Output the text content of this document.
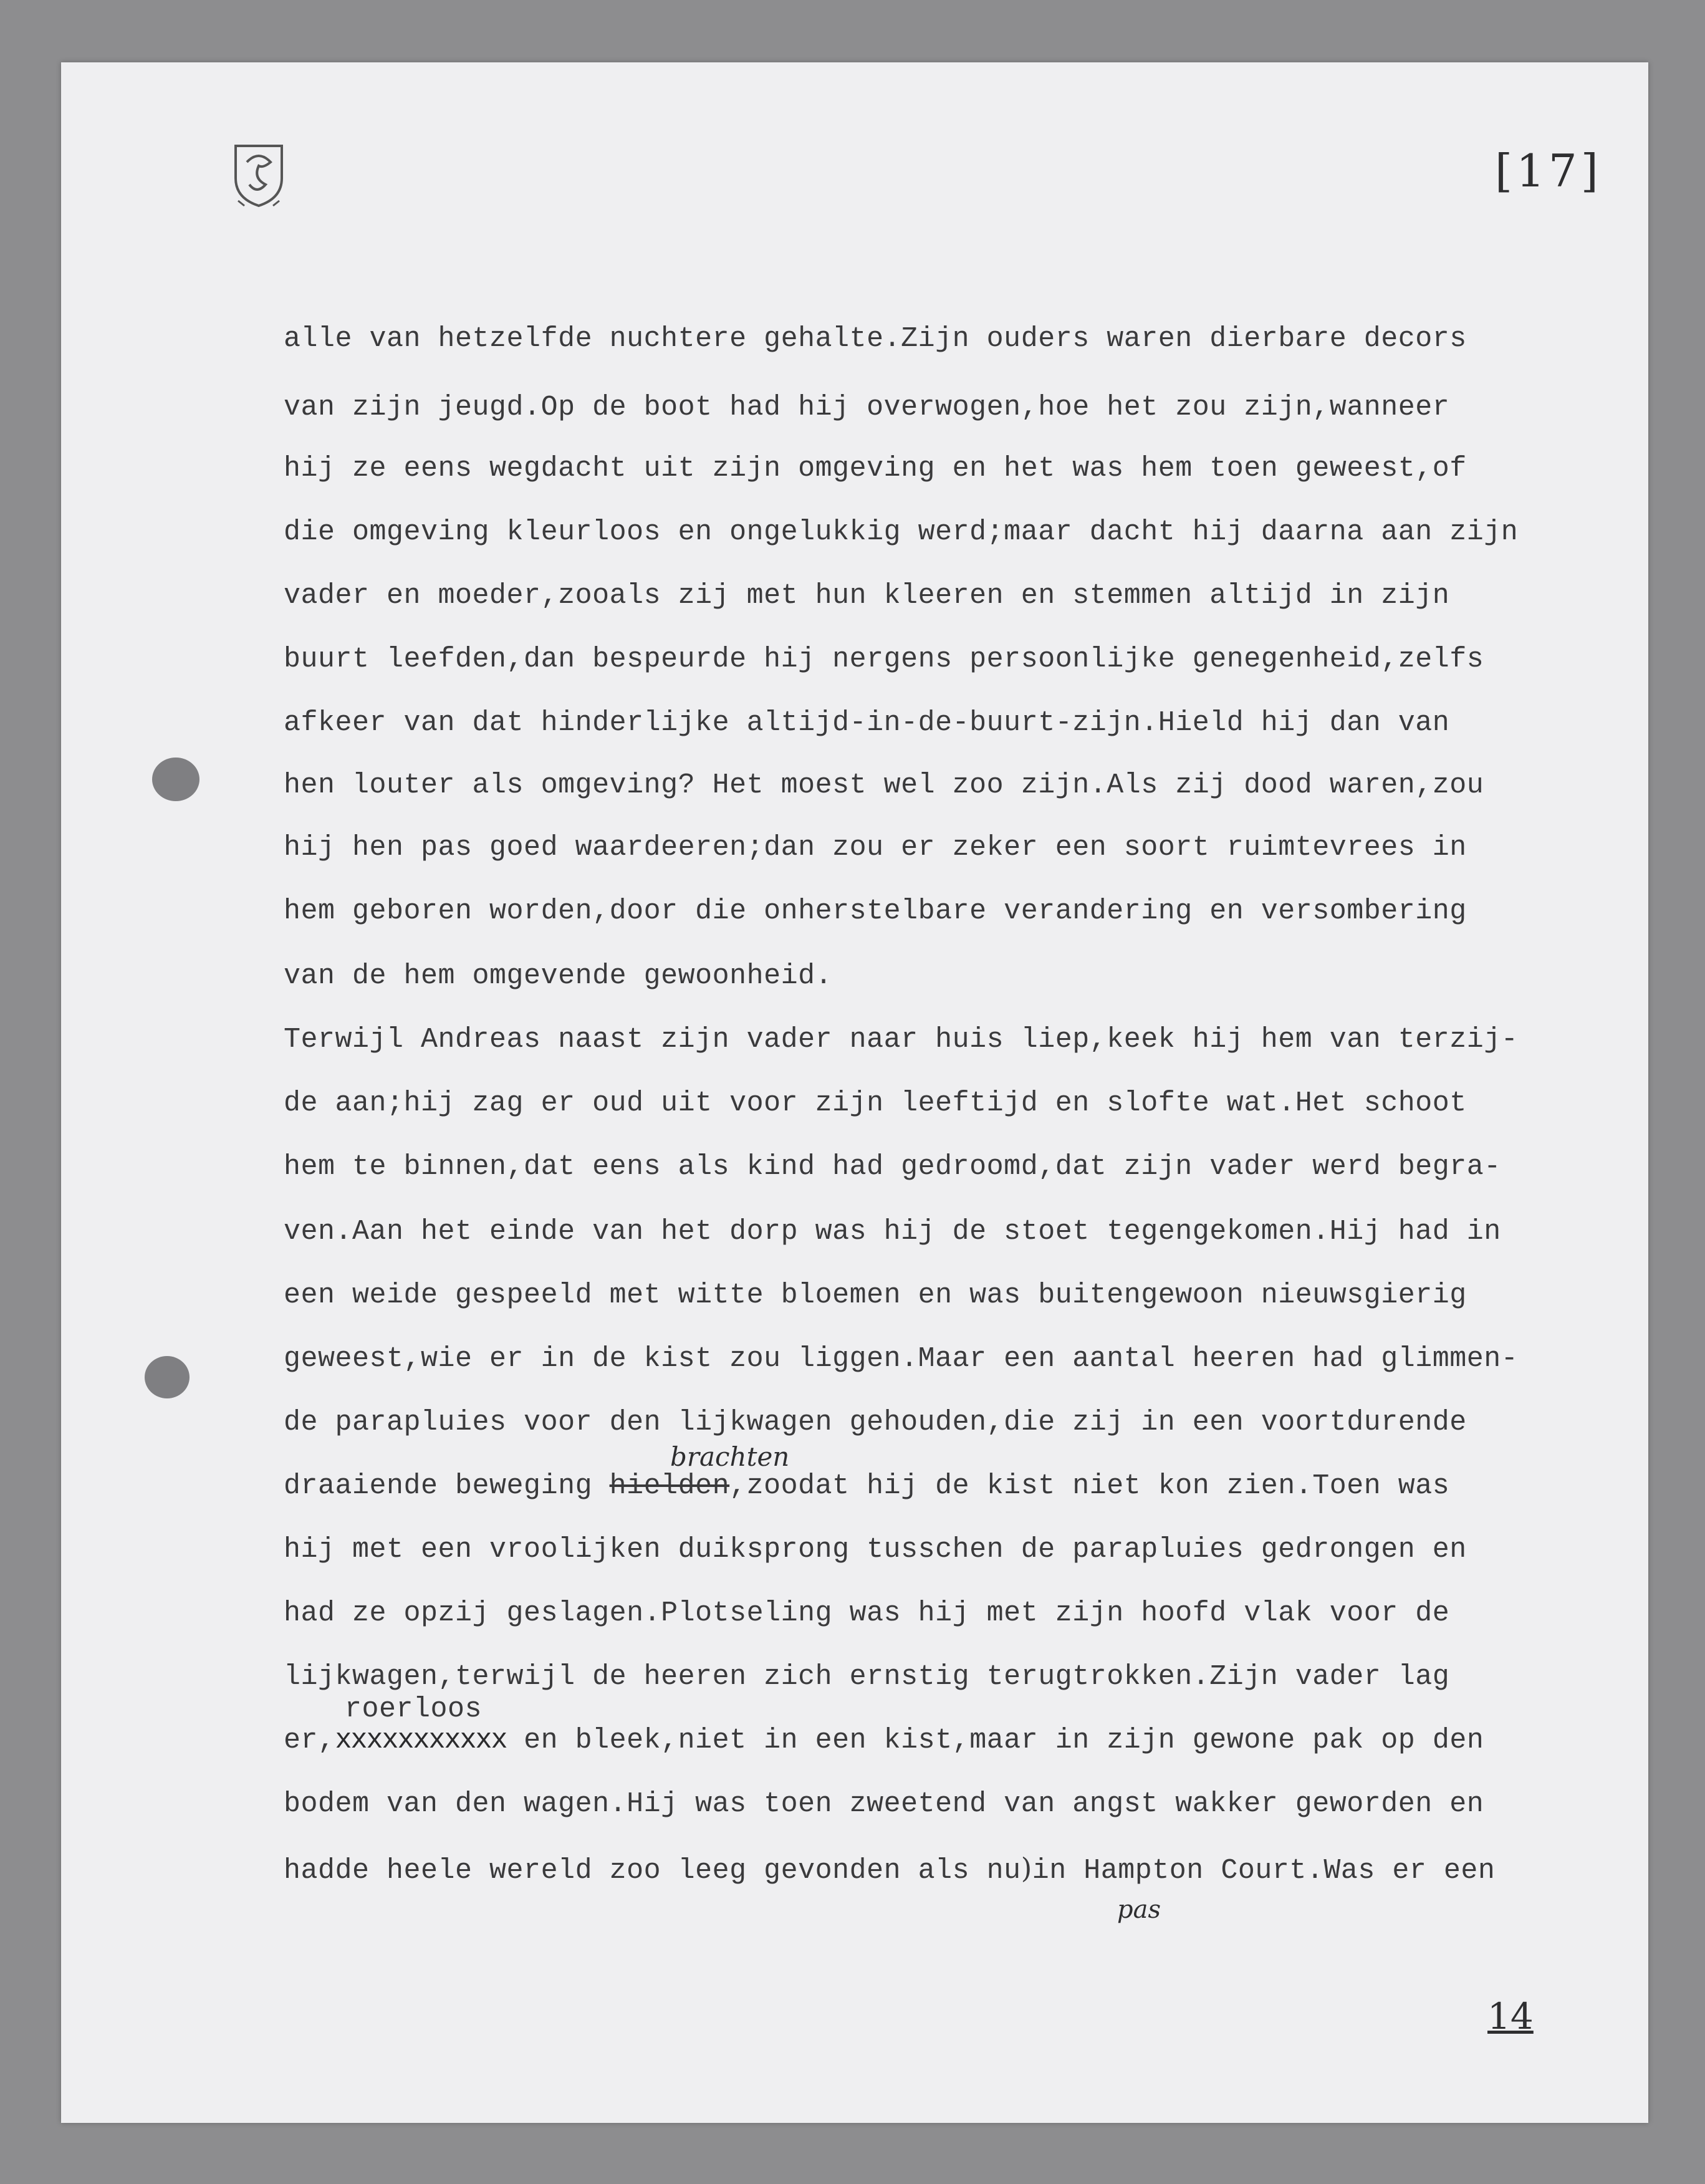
[17]

alle van hetzelfde nuchtere gehalte.Zijn ouders waren dierbare decors

van zijn jeugd.Op de boot had hij overwogen,hoe het zou zijn,wanneer

hij ze eens wegdacht uit zijn omgeving en het was hem toen geweest,of

die omgeving kleurloos en ongelukkig werd;maar dacht hij daarna aan zijn

vader en moeder,zooals zij met hun kleeren en stemmen altijd in zijn

buurt leefden,dan bespeurde hij nergens persoonlijke genegenheid,zelfs

afkeer van dat hinderlijke altijd-in-de-buurt-zijn.Hield hij dan van

hen louter als omgeving? Het moest wel zoo zijn.Als zij dood waren,zou

hij hen pas goed waardeeren;dan zou er zeker een soort ruimtevrees in

hem geboren worden,door die onherstelbare verandering en versombering

van de hem omgevende gewoonheid.

Terwijl Andreas naast zijn vader naar huis liep,keek hij hem van terzij-

de aan;hij zag er oud uit voor zijn leeftijd en slofte wat.Het schoot

hem te binnen,dat eens als kind had gedroomd,dat zijn vader werd begra-

ven.Aan het einde van het dorp was hij de stoet tegengekomen.Hij had in

een weide gespeeld met witte bloemen en was buitengewoon nieuwsgierig

geweest,wie er in de kist zou liggen.Maar een aantal heeren had glimmen-

de parapluies voor den lijkwagen gehouden,die zij in een voortdurende

brachten

draaiende beweging hielden,zoodat hij de kist niet kon zien.Toen was

hij met een vroolijken duiksprong tusschen de parapluies gedrongen en

had ze opzij geslagen.Plotseling was hij met zijn hoofd vlak voor de

lijkwagen,terwijl de heeren zich ernstig terugtrokken.Zijn vader lag

roerloos

er,xxxxxxxxxxx en bleek,niet in een kist,maar in zijn gewone pak op den

bodem van den wagen.Hij was toen zweetend van angst wakker geworden en

hadde heele wereld zoo leeg gevonden als nu)in Hampton Court.Was er een

pas
14
